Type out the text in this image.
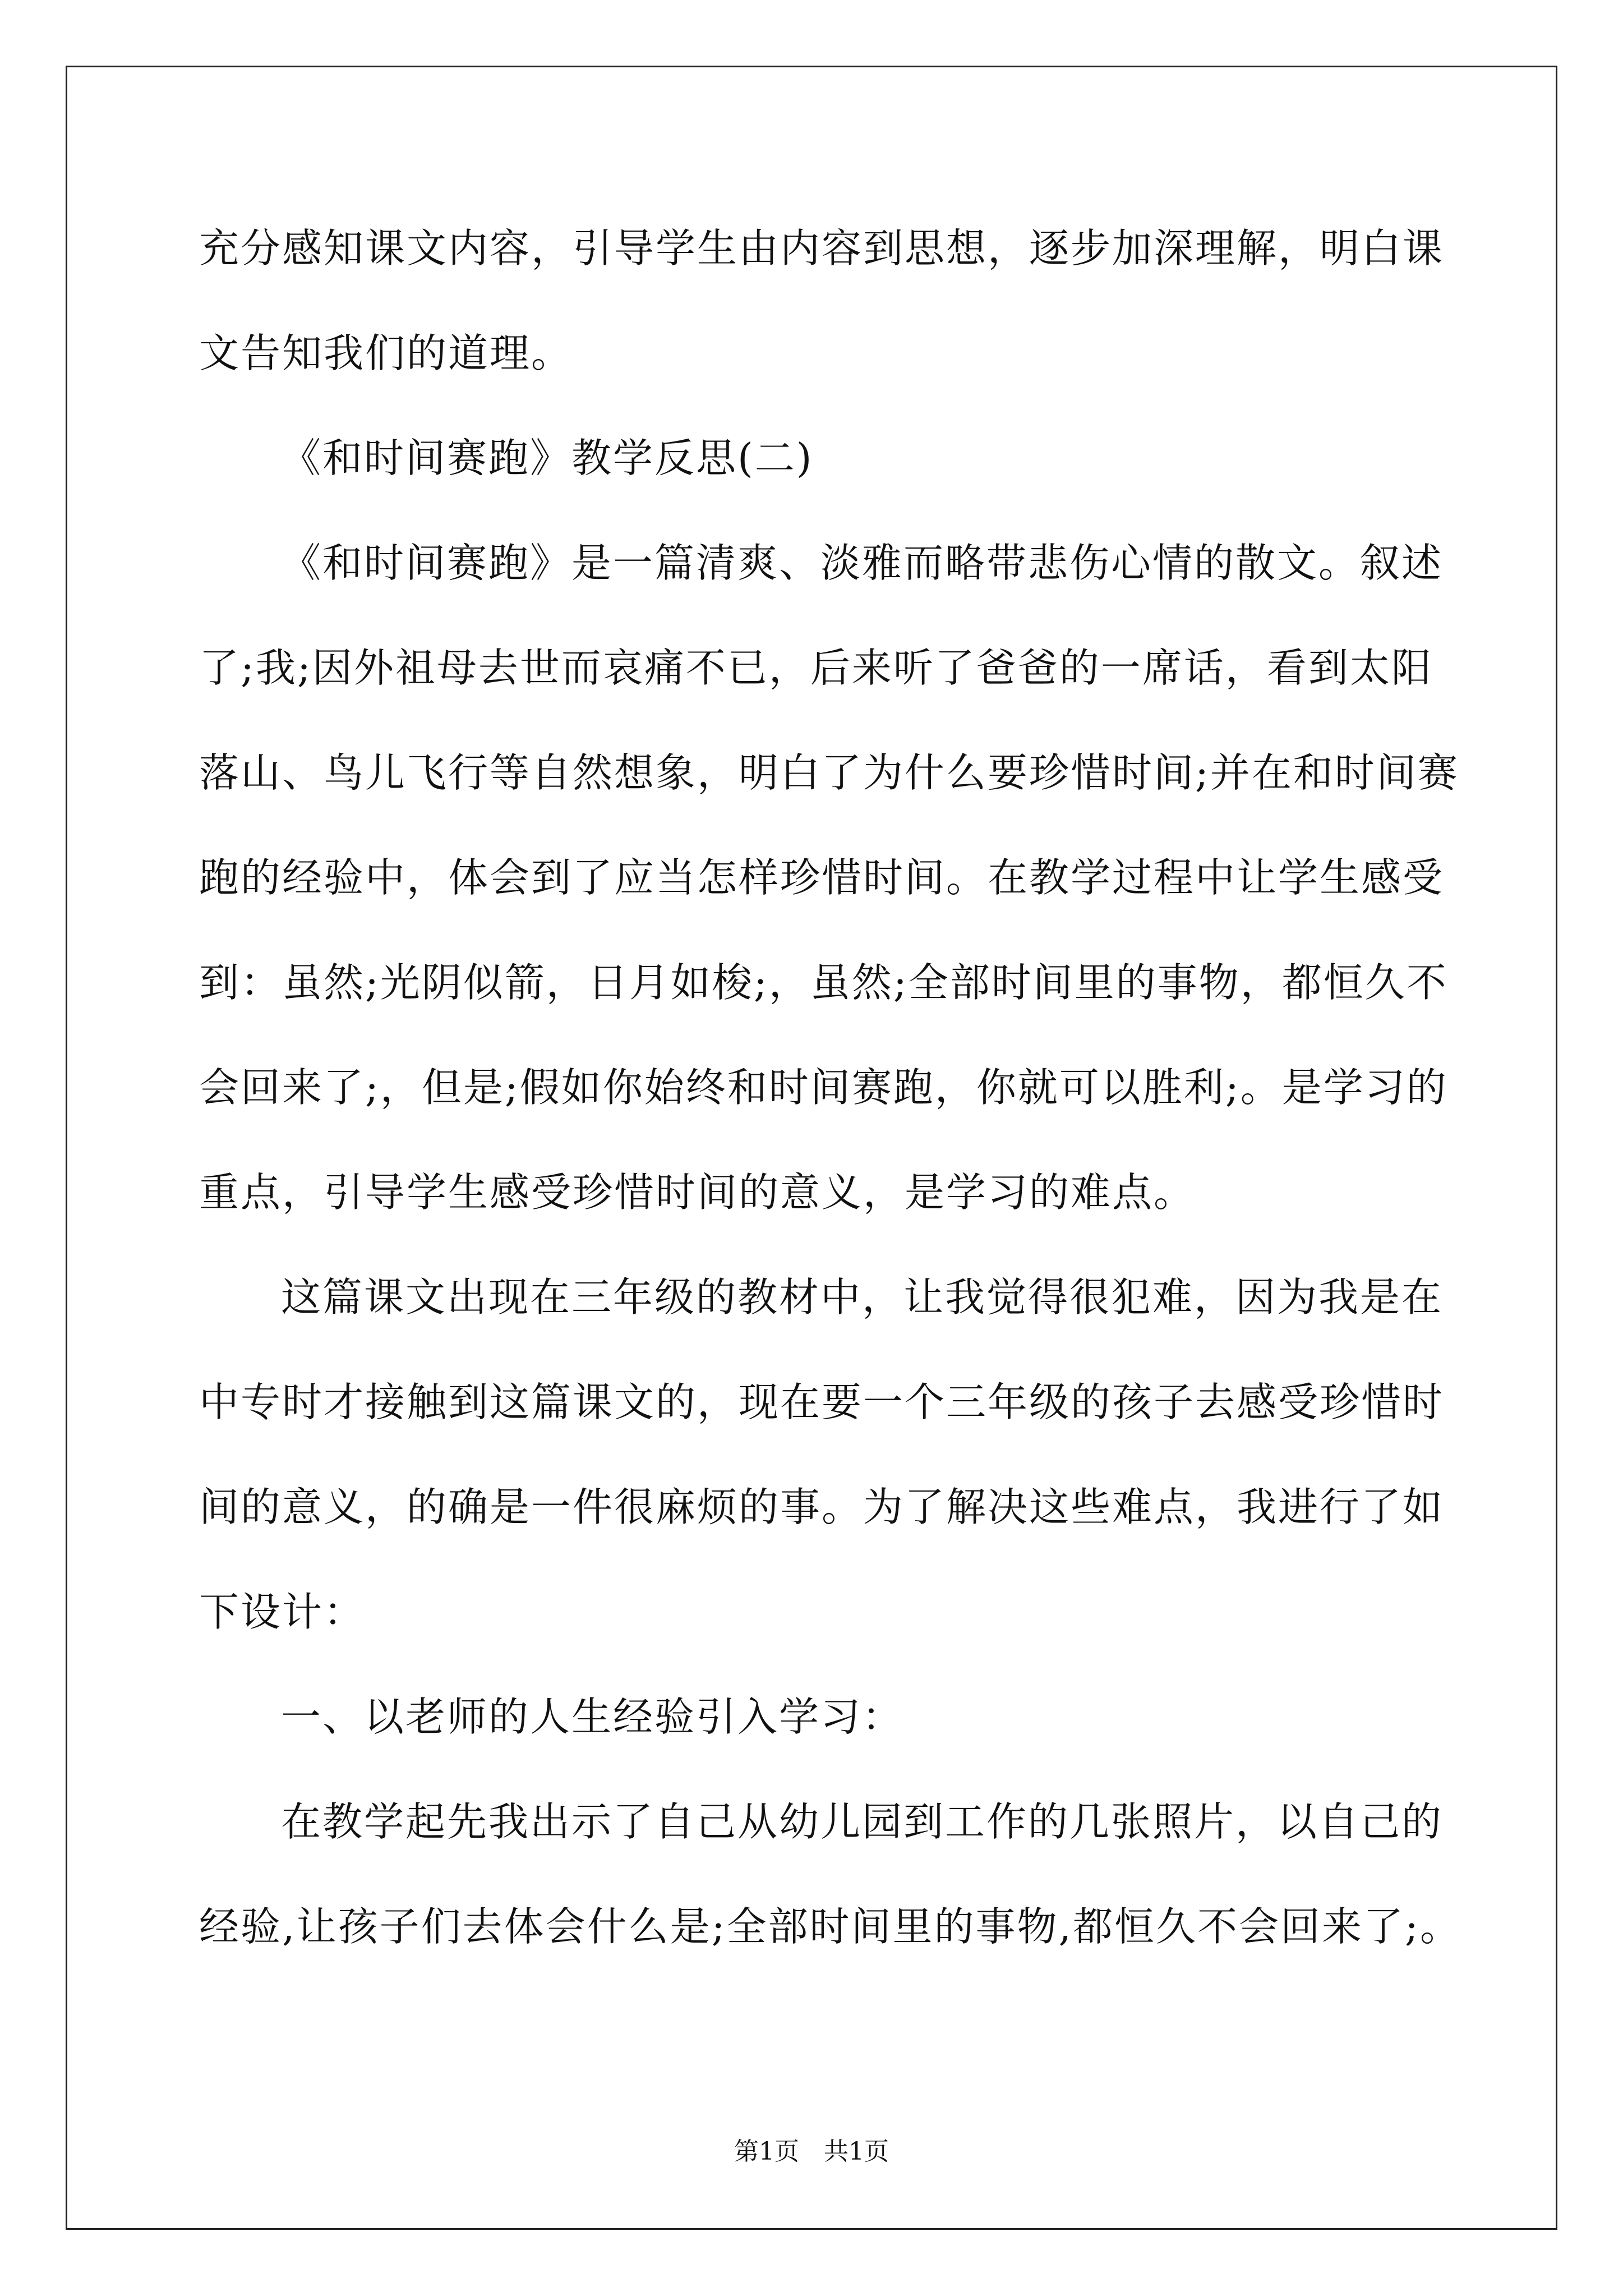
充分感知课文内容，引导学生由内容到思想，逐步加深理解，明白课
文告知我们的道理。
《和时间赛跑》教学反思(二)
《和时间赛跑》是一篇清爽、淡雅而略带悲伤心情的散文。叙述
了;我;因外祖母去世而哀痛不已，后来听了爸爸的一席话，看到太阳
落山、鸟儿飞行等自然想象，明白了为什么要珍惜时间;并在和时间赛
跑的经验中，体会到了应当怎样珍惜时间。在教学过程中让学生感受
到：虽然;光阴似箭，日月如梭;，虽然;全部时间里的事物，都恒久不
会回来了;，但是;假如你始终和时间赛跑，你就可以胜利;。是学习的
重点，引导学生感受珍惜时间的意义，是学习的难点。
这篇课文出现在三年级的教材中，让我觉得很犯难，因为我是在
中专时才接触到这篇课文的，现在要一个三年级的孩子去感受珍惜时
间的意义，的确是一件很麻烦的事。为了解决这些难点，我进行了如
下设计：
一、以老师的人生经验引入学习：
在教学起先我出示了自己从幼儿园到工作的几张照片，以自己的
经验,让孩子们去体会什么是;全部时间里的事物,都恒久不会回来了;。
第1页　共1页
